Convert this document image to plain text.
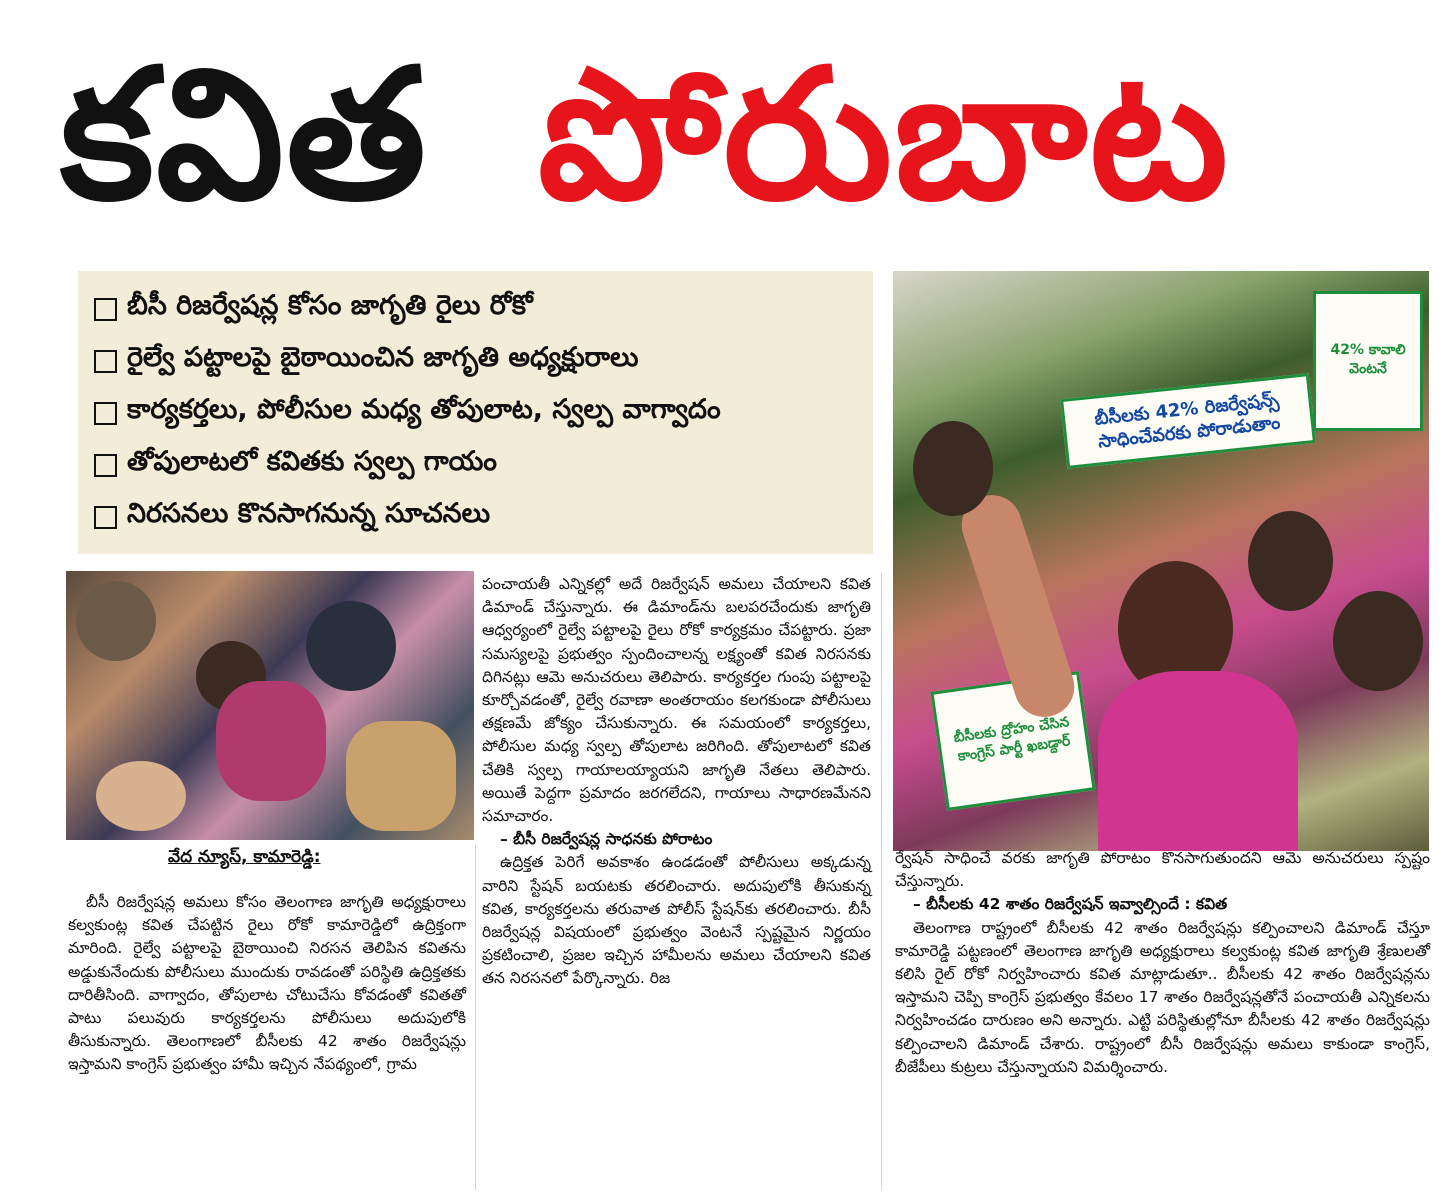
కవిత పోరుబాట
బీసీ రిజర్వేషన్ల కోసం జాగృతి రైలు రోకో
రైల్వే పట్టాలపై బైఠాయించిన జాగృతి అధ్యక్షురాలు
కార్యకర్తలు, పోలీసుల మధ్య తోపులాట, స్వల్ప వాగ్వాదం
తోపులాటలో కవితకు స్వల్ప గాయం
నిరసనలు కొనసాగనున్న సూచనలు
బీసీలకు 42% రిజర్వేషన్స్ సాధించేవరకు పోరాడుతాం
బీసీలకు ద్రోహం చేసిన కాంగ్రెస్ పార్టీ ఖబడ్దార్
42% కావాలి వెంటనే
వేద న్యూస్, కామారెడ్డి:
బీసీ రిజర్వేషన్ల అమలు కోసం తెలంగాణ జాగృతి అధ్యక్షురాలు కల్వకుంట్ల కవిత చేపట్టిన రైలు రోకో కామారెడ్డిలో ఉద్రిక్తంగా మారింది. రైల్వే పట్టాలపై బైఠాయించి నిరసన తెలిపిన కవితను అడ్డుకునేందుకు పోలీసులు ముందుకు రావడంతో పరిస్థితి ఉద్రిక్తతకు దారితీసింది. వాగ్వాదం, తోపులాట చోటుచేసు కోవడంతో కవితతో పాటు పలువురు కార్యకర్తలను పోలీసులు అదుపులోకి తీసుకున్నారు. తెలంగాణలో బీసీలకు 42 శాతం రిజర్వేషన్లు ఇస్తామని కాంగ్రెస్ ప్రభుత్వం హామీ ఇచ్చిన నేపథ్యంలో, గ్రామ

పంచాయతీ ఎన్నికల్లో అదే రిజర్వేషన్ అమలు చేయాలని కవిత డిమాండ్ చేస్తున్నారు. ఈ డిమాండ్‌ను బలపరచేందుకు జాగృతి ఆధ్వర్యంలో రైల్వే పట్టాలపై రైలు రోకో కార్యక్రమం చేపట్టారు. ప్రజా సమస్యలపై ప్రభుత్వం స్పందించాలన్న లక్ష్యంతో కవిత నిరసనకు దిగినట్లు ఆమె అనుచరులు తెలిపారు. కార్యకర్తల గుంపు పట్టాలపై కూర్చోవడంతో, రైల్వే రవాణా అంతరాయం కలగకుండా పోలీసులు తక్షణమే జోక్యం చేసుకున్నారు. ఈ సమయంలో కార్యకర్తలు, పోలీసుల మధ్య స్వల్ప తోపులాట జరిగింది. తోపులాటలో కవిత చేతికి స్వల్ప గాయాలయ్యాయని జాగృతి నేతలు తెలిపారు. అయితే పెద్దగా ప్రమాదం జరగలేదని, గాయాలు సాధారణమేనని సమాచారం.

– బీసీ రిజర్వేషన్ల సాధనకు పోరాటం

ఉద్రిక్తత పెరిగే అవకాశం ఉండడంతో పోలీసులు అక్కడున్న వారిని స్టేషన్ బయటకు తరలించారు. అదుపులోకి తీసుకున్న కవిత, కార్యకర్తలను తరువాత పోలీస్ స్టేషన్‌కు తరలించారు. బీసీ రిజర్వేషన్ల విషయంలో ప్రభుత్వం వెంటనే స్పష్టమైన నిర్ణయం ప్రకటించాలి, ప్రజల ఇచ్చిన హామీలను అమలు చేయాలని కవిత తన నిరసనలో పేర్కొన్నారు. రిజ

ర్వేషన్ సాధించే వరకు జాగృతి పోరాటం కొనసాగుతుందని ఆమె అనుచరులు స్పష్టం చేస్తున్నారు.

– బీసీలకు 42 శాతం రిజర్వేషన్ ఇవ్వాల్సిందే : కవిత

తెలంగాణ రాష్ట్రంలో బీసీలకు 42 శాతం రిజర్వేషన్లు కల్పించాలని డిమాండ్ చేస్తూ కామారెడ్డి పట్టణంలో తెలంగాణ జాగృతి అధ్యక్షురాలు కల్వకుంట్ల కవిత జాగృతి శ్రేణులతో కలిసి రైల్ రోకో నిర్వహించారు కవిత మాట్లాడుతూ.. బీసీలకు 42 శాతం రిజర్వేషన్లను ఇస్తామని చెప్పి కాంగ్రెస్ ప్రభుత్వం కేవలం 17 శాతం రిజర్వేషన్లతోనే పంచాయతీ ఎన్నికలను నిర్వహించడం దారుణం అని అన్నారు. ఎట్టి పరిస్థితుల్లోనూ బీసీలకు 42 శాతం రిజర్వేషన్లు కల్పించాలని డిమాండ్ చేశారు. రాష్ట్రంలో బీసీ రిజర్వేషన్లు అమలు కాకుండా కాంగ్రెస్, బీజేపీలు కుట్రలు చేస్తున్నాయని విమర్శించారు.
